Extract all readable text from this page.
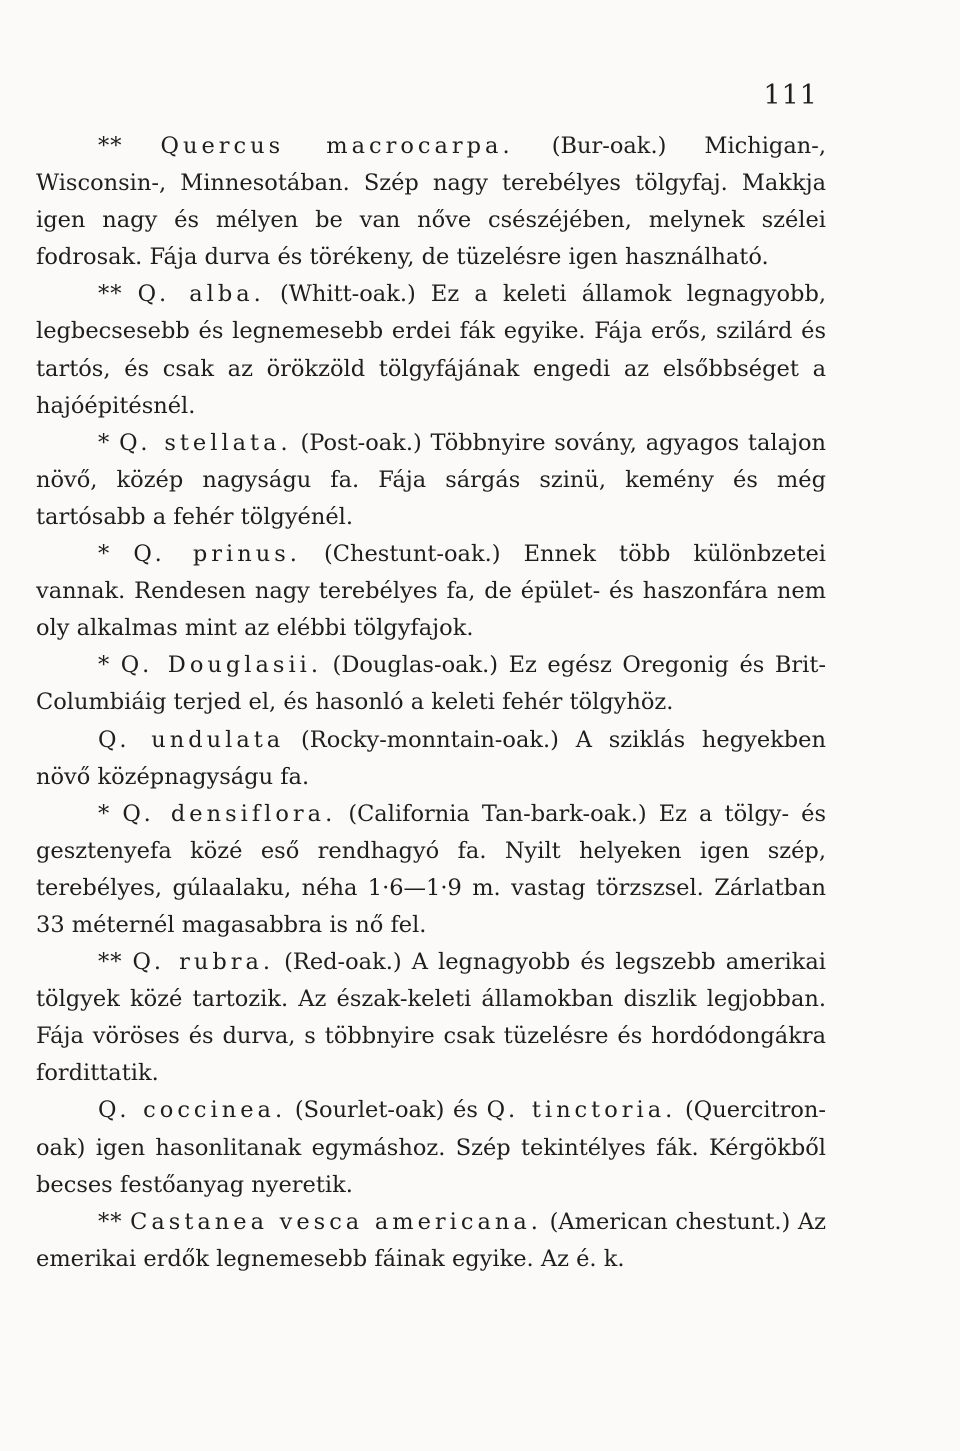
111

** Quercus macrocarpa. (Bur-oak.) Michigan-, Wisconsin-, Minnesotában. Szép nagy terebélyes tölgyfaj. Makkja igen nagy és mélyen be van nőve csészéjében, melynek szélei fodrosak. Fája durva és törékeny, de tüzelésre igen használható.

** Q. alba. (Whitt-oak.) Ez a keleti államok legnagyobb, legbecsesebb és legnemesebb erdei fák egyike. Fája erős, szilárd és tartós, és csak az örökzöld tölgyfájának engedi az elsőbbséget a hajóépitésnél.

* Q. stellata. (Post-oak.) Többnyire sovány, agyagos talajon növő, közép nagyságu fa. Fája sárgás szinü, kemény és még tartósabb a fehér tölgyénél.

* Q. prinus. (Chestunt-oak.) Ennek több különbzetei vannak. Rendesen nagy terebélyes fa, de épület- és haszonfára nem oly alkalmas mint az elébbi tölgyfajok.

* Q. Douglasii. (Douglas-oak.) Ez egész Oregonig és Brit-Columbiáig terjed el, és hasonló a keleti fehér tölgyhöz.

Q. undulata (Rocky-monntain-oak.) A sziklás hegyekben növő középnagyságu fa.

* Q. densiflora. (California Tan-bark-oak.) Ez a tölgy- és gesztenyefa közé eső rendhagyó fa. Nyilt helyeken igen szép, terebélyes, gúlaalaku, néha 1·6—1·9 m. vastag törzszsel. Zárlatban 33 méternél magasabbra is nő fel.

** Q. rubra. (Red-oak.) A legnagyobb és legszebb amerikai tölgyek közé tartozik. Az észak-keleti államokban diszlik legjobban. Fája vöröses és durva, s többnyire csak tüzelésre és hordódongákra fordittatik.

Q. coccinea. (Sourlet-oak) és Q. tinctoria. (Quercitron-oak) igen hasonlitanak egymáshoz. Szép tekintélyes fák. Kérgökből becses festőanyag nyeretik.

** Castanea vesca americana. (American chestunt.) Az emerikai erdők legnemesebb fáinak egyike. Az é. k.
